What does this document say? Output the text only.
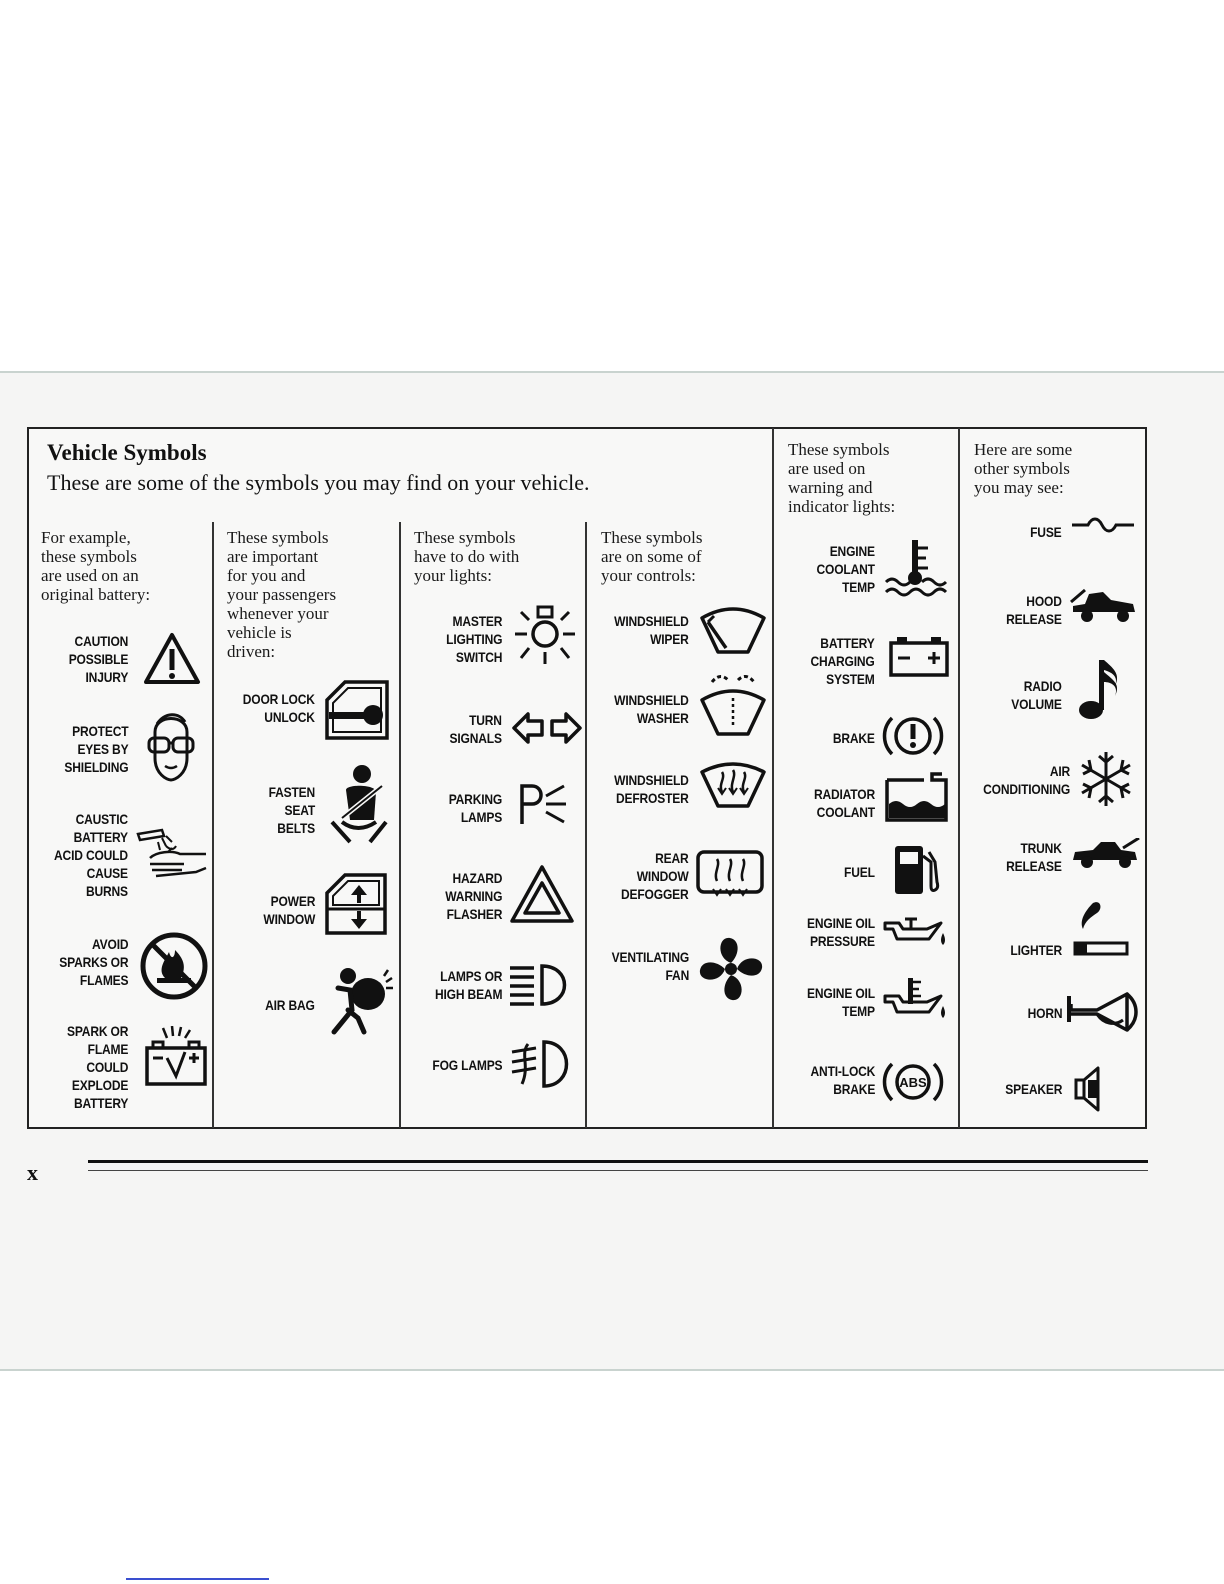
Vehicle Symbols
These are some of the symbols you may find on your vehicle.
For example,
these symbols
are used on an
original battery:
These symbols
are important
for you and
your passengers
whenever your
vehicle is
driven:
These symbols
have to do with
your lights:
These symbols
are on some of
your controls:
These symbols
are used on
warning and
indicator lights:
Here are some
other symbols
you may see:
CAUTION
POSSIBLE
INJURY
PROTECT
EYES BY
SHIELDING
CAUSTIC
BATTERY
ACID COULD
CAUSE
BURNS
AVOID
SPARKS OR
FLAMES
SPARK OR
FLAME
COULD
EXPLODE
BATTERY
DOOR LOCK
UNLOCK
FASTEN
SEAT
BELTS
POWER
WINDOW
AIR BAG
MASTER
LIGHTING
SWITCH
TURN
SIGNALS
PARKING
LAMPS
HAZARD
WARNING
FLASHER
LAMPS OR
HIGH BEAM
FOG LAMPS
WINDSHIELD
WIPER
WINDSHIELD
WASHER
WINDSHIELD
DEFROSTER
REAR
WINDOW
DEFOGGER
VENTILATING
FAN
ENGINE
COOLANT
TEMP
BATTERY
CHARGING
SYSTEM
BRAKE
RADIATOR
COOLANT
FUEL
ENGINE OIL
PRESSURE
ENGINE OIL
TEMP
ANTI-LOCK
BRAKE ABS
FUSE
HOOD
RELEASE
RADIO
VOLUME
AIR
CONDITIONING
TRUNK
RELEASE
LIGHTER
HORN
SPEAKER
x
